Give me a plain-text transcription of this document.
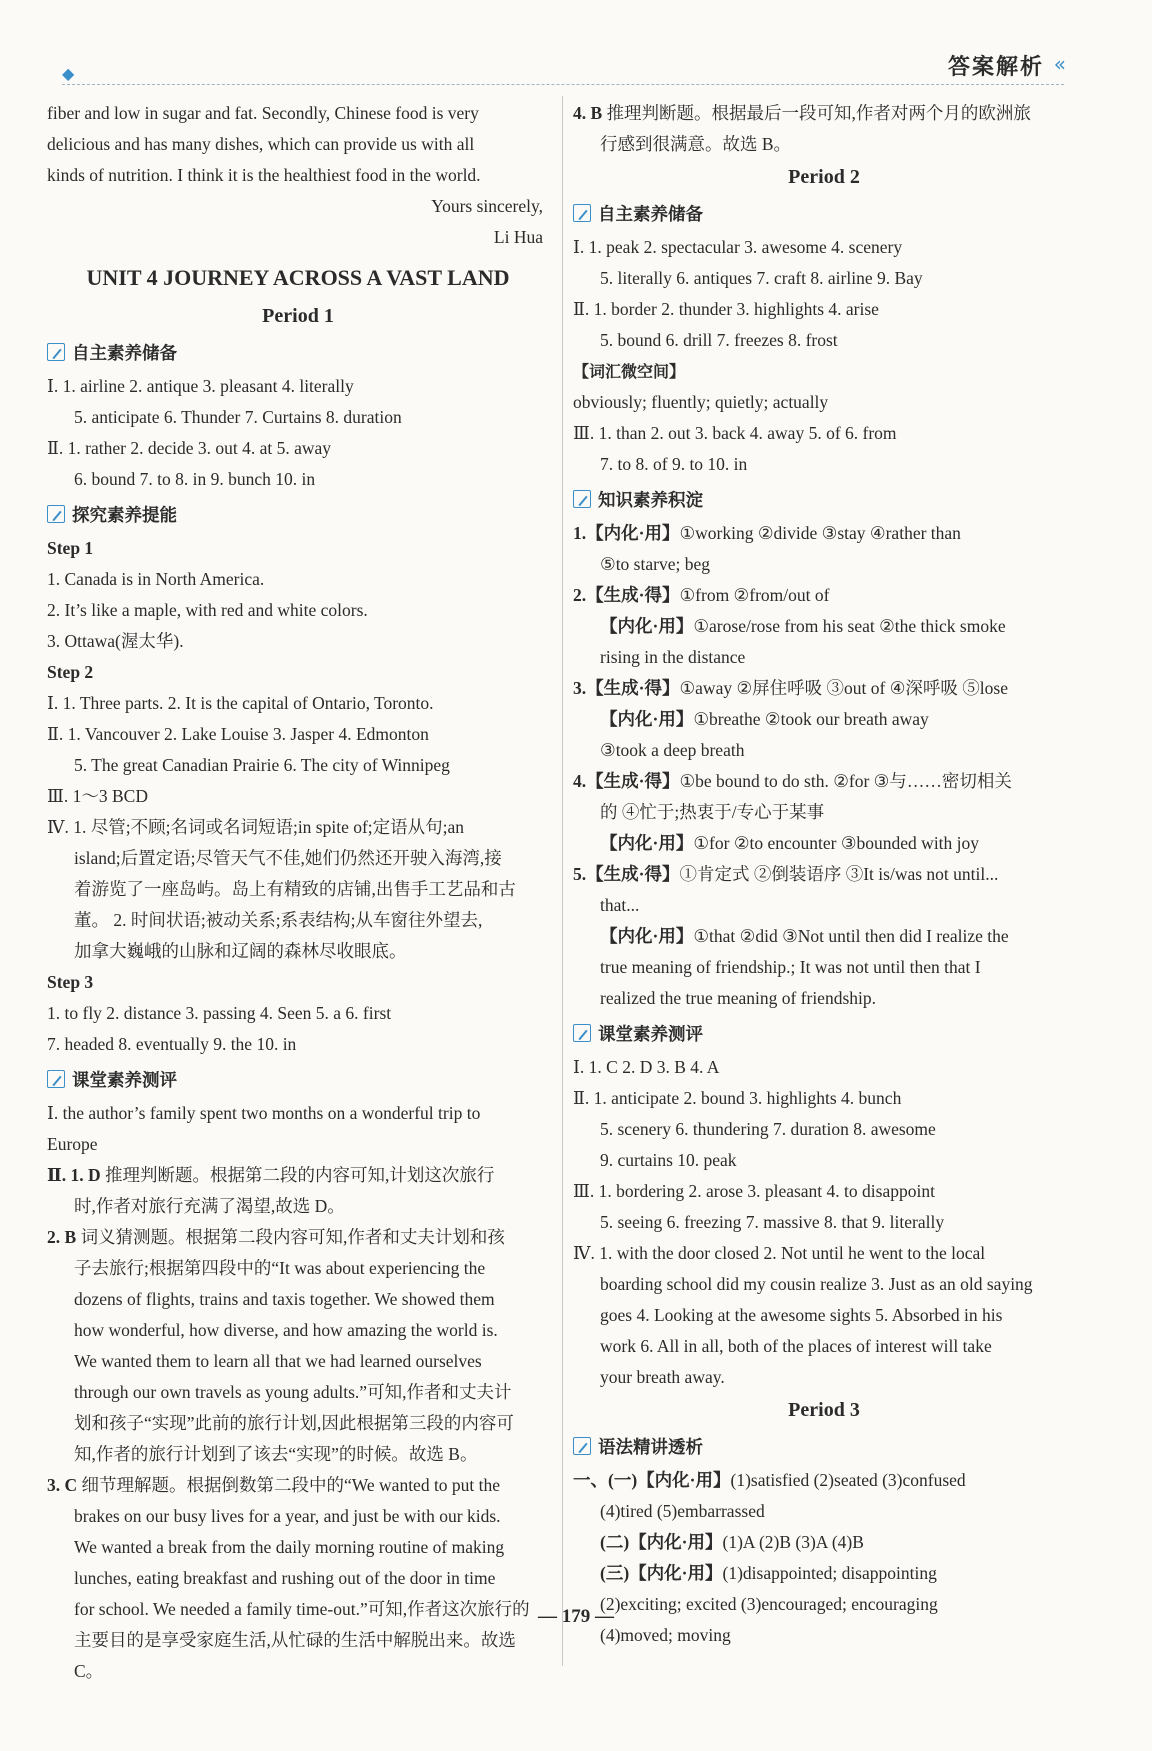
◆	答案解析 «

fiber and low in sugar and fat. Secondly, Chinese food is very

delicious and has many dishes, which can provide us with all

kinds of nutrition. I think it is the healthiest food in the world.

Yours sincerely,

Li Hua

UNIT 4 JOURNEY ACROSS A VAST LAND

Period 1

自主素养储备

Ⅰ. 1. airline 2. antique 3. pleasant 4. literally

5. anticipate 6. Thunder 7. Curtains 8. duration

Ⅱ. 1. rather 2. decide 3. out 4. at 5. away

6. bound 7. to 8. in 9. bunch 10. in

探究素养提能

Step 1

1. Canada is in North America.

2. It’s like a maple, with red and white colors.

3. Ottawa(渥太华).

Step 2

Ⅰ. 1. Three parts. 2. It is the capital of Ontario, Toronto.

Ⅱ. 1. Vancouver 2. Lake Louise 3. Jasper 4. Edmonton

5. The great Canadian Prairie 6. The city of Winnipeg

Ⅲ. 1～3 BCD

Ⅳ. 1. 尽管;不顾;名词或名词短语;in spite of;定语从句;an

island;后置定语;尽管天气不佳,她们仍然还开驶入海湾,接

着游览了一座岛屿。岛上有精致的店铺,出售手工艺品和古

董。 2. 时间状语;被动关系;系表结构;从车窗往外望去,

加拿大巍峨的山脉和辽阔的森林尽收眼底。

Step 3

1. to fly 2. distance 3. passing 4. Seen 5. a 6. first

7. headed 8. eventually 9. the 10. in

课堂素养测评

Ⅰ. the author’s family spent two months on a wonderful trip to

Europe

Ⅱ. 1. D 推理判断题。根据第二段的内容可知,计划这次旅行

时,作者对旅行充满了渴望,故选 D。

2. B 词义猜测题。根据第二段内容可知,作者和丈夫计划和孩

子去旅行;根据第四段中的“It was about experiencing the

dozens of flights, trains and taxis together. We showed them

how wonderful, how diverse, and how amazing the world is.

We wanted them to learn all that we had learned ourselves

through our own travels as young adults.”可知,作者和丈夫计

划和孩子“实现”此前的旅行计划,因此根据第三段的内容可

知,作者的旅行计划到了该去“实现”的时候。故选 B。

3. C 细节理解题。根据倒数第二段中的“We wanted to put the

brakes on our busy lives for a year, and just be with our kids.

We wanted a break from the daily morning routine of making

lunches, eating breakfast and rushing out of the door in time

for school. We needed a family time-out.”可知,作者这次旅行的

主要目的是享受家庭生活,从忙碌的生活中解脱出来。故选 C。

4. B 推理判断题。根据最后一段可知,作者对两个月的欧洲旅

行感到很满意。故选 B。

Period 2

自主素养储备

Ⅰ. 1. peak 2. spectacular 3. awesome 4. scenery

5. literally 6. antiques 7. craft 8. airline 9. Bay

Ⅱ. 1. border 2. thunder 3. highlights 4. arise

5. bound 6. drill 7. freezes 8. frost

【词汇微空间】

obviously; fluently; quietly; actually

Ⅲ. 1. than 2. out 3. back 4. away 5. of 6. from

7. to 8. of 9. to 10. in

知识素养积淀

1.【内化·用】①working ②divide ③stay ④rather than

⑤to starve; beg

2.【生成·得】①from ②from/out of

【内化·用】①arose/rose from his seat ②the thick smoke

rising in the distance

3.【生成·得】①away ②屏住呼吸 ③out of ④深呼吸 ⑤lose

【内化·用】①breathe ②took our breath away

③took a deep breath

4.【生成·得】①be bound to do sth. ②for ③与……密切相关

的 ④忙于;热衷于/专心于某事

【内化·用】①for ②to encounter ③bounded with joy

5.【生成·得】①肯定式 ②倒装语序 ③It is/was not until...

that...

【内化·用】①that ②did ③Not until then did I realize the

true meaning of friendship.; It was not until then that I

realized the true meaning of friendship.

课堂素养测评

Ⅰ. 1. C 2. D 3. B 4. A

Ⅱ. 1. anticipate 2. bound 3. highlights 4. bunch

5. scenery 6. thundering 7. duration 8. awesome

9. curtains 10. peak

Ⅲ. 1. bordering 2. arose 3. pleasant 4. to disappoint

5. seeing 6. freezing 7. massive 8. that 9. literally

Ⅳ. 1. with the door closed 2. Not until he went to the local

boarding school did my cousin realize 3. Just as an old saying

goes 4. Looking at the awesome sights 5. Absorbed in his

work 6. All in all, both of the places of interest will take

your breath away.

Period 3

语法精讲透析

一、(一)【内化·用】(1)satisfied (2)seated (3)confused

(4)tired (5)embarrassed

(二)【内化·用】(1)A (2)B (3)A (4)B

(三)【内化·用】(1)disappointed; disappointing

(2)exciting; excited (3)encouraged; encouraging

(4)moved; moving

— 179 —
